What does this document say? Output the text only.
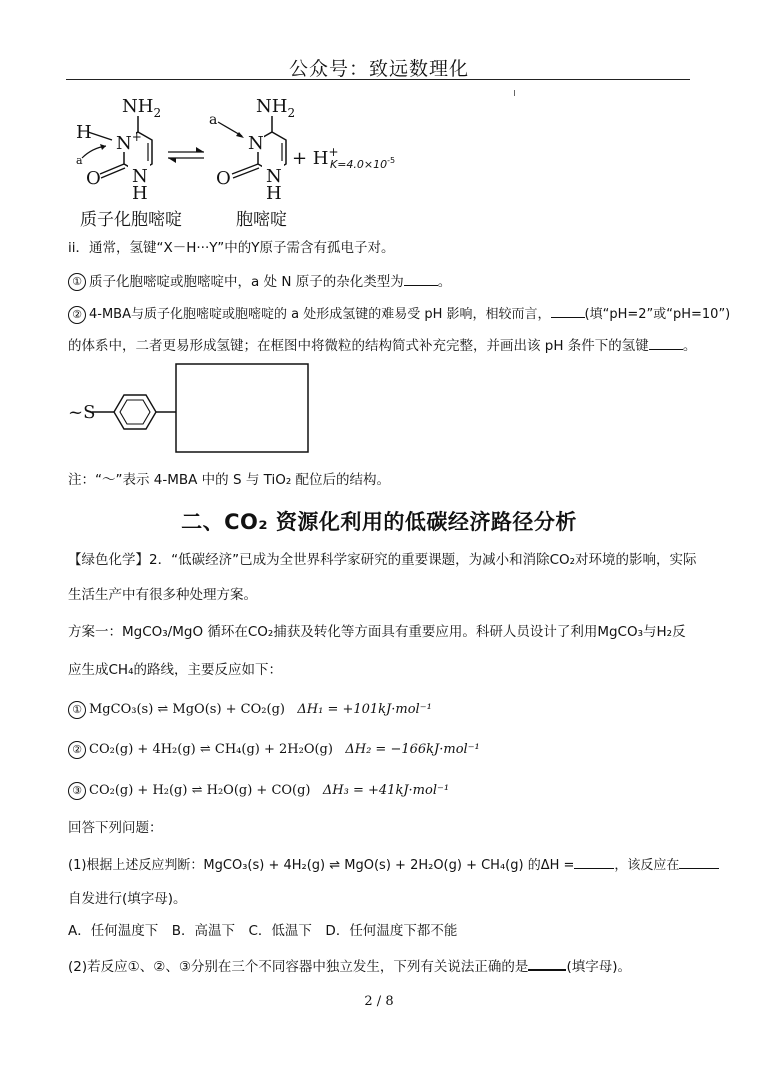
公众号：致远数理化
$NH_2$
N+
H
a
N
H
O
$NH_2$
N
a
N
H
O
+ H+
$K=4.0\times 10^{-5}$
质子化胞嘧啶	胞嘧啶
ii．通常，氢键“X－H···Y”中的Y原子需含有孤电子对。
① 质子化胞嘧啶或胞嘧啶中，a 处 N 原子的杂化类型为	。
② 4-MBA与质子化胞嘧啶或胞嘧啶的 a 处形成氢键的难易受 pH 影响，相较而言，	(填“pH=2”或“pH=10”)
的体系中，二者更易形成氢键；在框图中将微粒的结构简式补充完整，并画出该 pH 条件下的氢键	。
~S
注：“～”表示 4-MBA 中的 S 与 TiO₂ 配位后的结构。
二、CO₂ 资源化利用的低碳经济路径分析
【绿色化学】2．“低碳经济”已成为全世界科学家研究的重要课题，为减小和消除CO₂对环境的影响，实际
生活生产中有很多种处理方案。
方案一：MgCO₃/MgO 循环在CO₂捕获及转化等方面具有重要应用。科研人员设计了利用MgCO₃与H₂反
应生成CH₄的路线，主要反应如下：
① MgCO₃(s) ⇌ MgO(s) + CO₂(g) ΔH₁ = +101kJ·mol⁻¹
② CO₂(g) + 4H₂(g) ⇌ CH₄(g) + 2H₂O(g) ΔH₂ = −166kJ·mol⁻¹
③ CO₂(g) + H₂(g) ⇌ H₂O(g) + CO(g) ΔH₃ = +41kJ·mol⁻¹
回答下列问题：
(1)根据上述反应判断：MgCO₃(s) + 4H₂(g) ⇌ MgO(s) + 2H₂O(g) + CH₄(g) 的ΔH =	，该反应在
自发进行(填字母)。
A．任何温度下　B．高温下　C．低温下　D．任何温度下都不能
(2)若反应①、②、③分别在三个不同容器中独立发生，下列有关说法正确的是	(填字母)。
2 / 8
